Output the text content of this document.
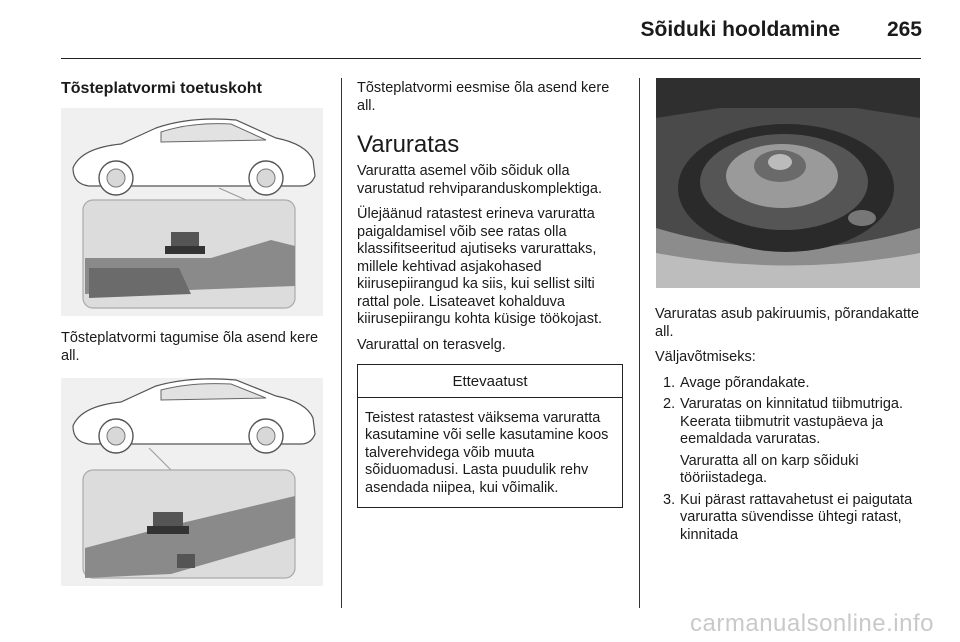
Sõiduki hooldamine 265
Tõsteplatvormi toetuskoht

Tõsteplatvormi tagumise õla asend kere all.

Tõsteplatvormi eesmise õla asend kere all.

Varuratas

Varuratta asemel võib sõiduk olla varustatud rehviparanduskomplektiga.

Ülejäänud ratastest erineva varuratta paigaldamisel võib see ratas olla klassifitseeritud ajutiseks varurattaks, millele kehtivad asjakohased kiirusepiirangud ka siis, kui sellist silti rattal pole. Lisateavet kohalduva kiirusepiirangu kohta küsige töökojast.

Varurattal on terasvelg.

Ettevaatust
Teistest ratastest väiksema varuratta kasutamine või selle kasutamine koos talverehvidega võib muuta sõiduomadusi. Lasta puudulik rehv asendada niipea, kui võimalik.

Varuratas asub pakiruumis, põrandakatte all.

Väljavõtmiseks:

1. Avage põrandakate.
2. Varuratas on kinnitatud tiibmutriga. Keerata tiibmutrit vastupäeva ja eemaldada varuratas.
Varuratta all on karp sõiduki tööriistadega.
3. Kui pärast rattavahetust ei paigutata varuratta süvendisse ühtegi ratast, kinnitada
carmanualsonline.info
